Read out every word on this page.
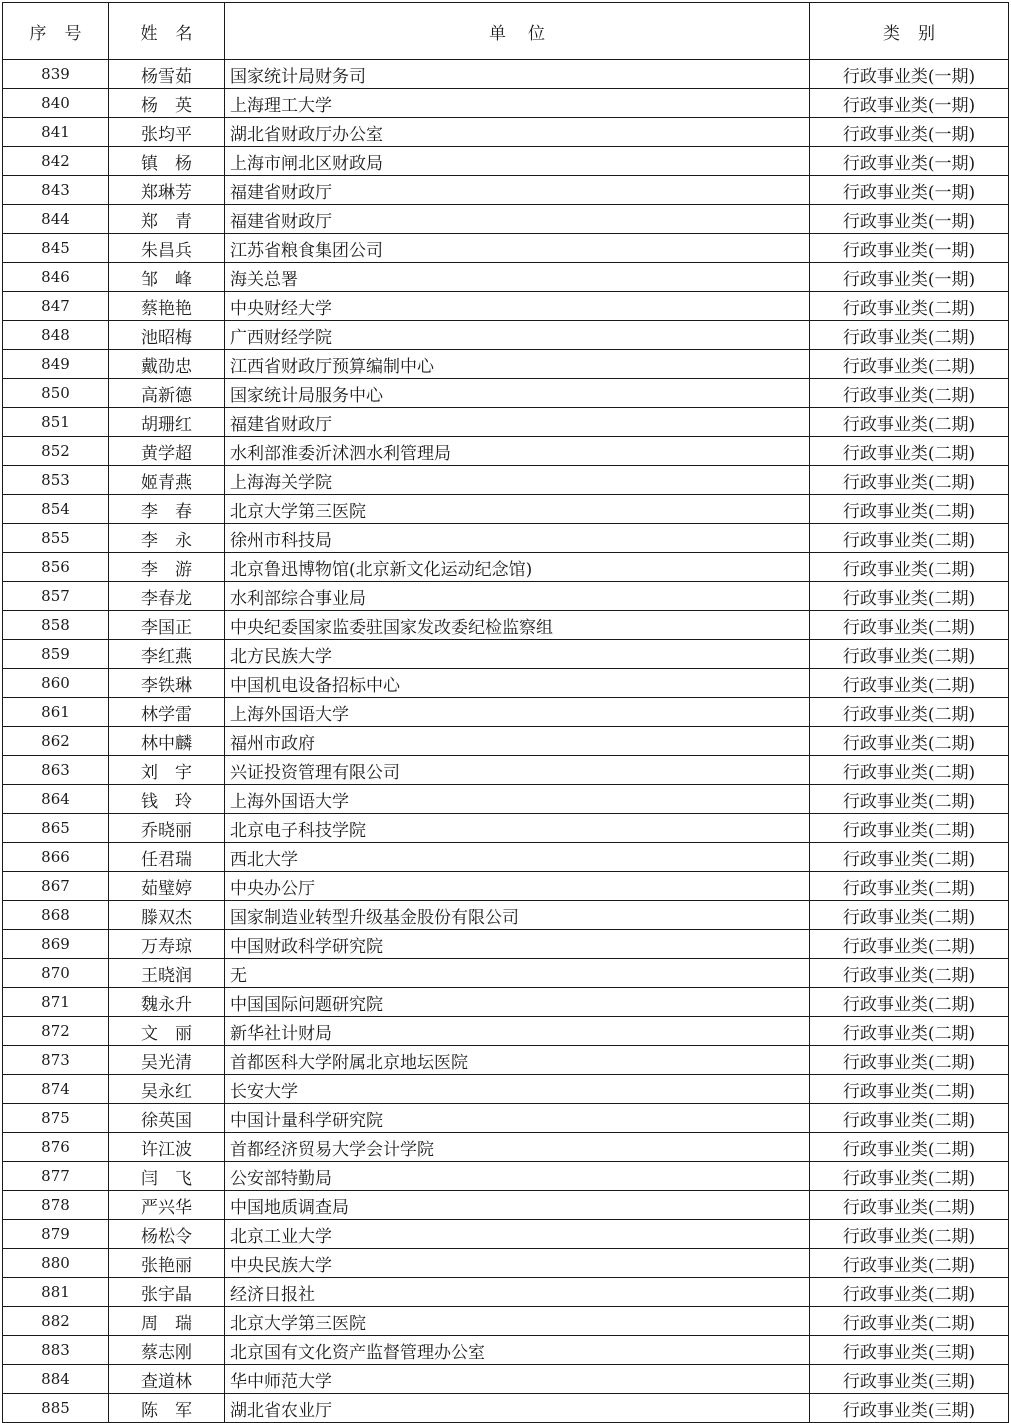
序号	姓名	单位	类别
839	杨雪茹	国家统计局财务司	行政事业类(一期)
840	杨　英	上海理工大学	行政事业类(一期)
841	张均平	湖北省财政厅办公室	行政事业类(一期)
842	镇　杨	上海市闸北区财政局	行政事业类(一期)
843	郑琳芳	福建省财政厅	行政事业类(一期)
844	郑　青	福建省财政厅	行政事业类(一期)
845	朱昌兵	江苏省粮食集团公司	行政事业类(一期)
846	邹　峰	海关总署	行政事业类(一期)
847	蔡艳艳	中央财经大学	行政事业类(二期)
848	池昭梅	广西财经学院	行政事业类(二期)
849	戴劭忠	江西省财政厅预算编制中心	行政事业类(二期)
850	高新德	国家统计局服务中心	行政事业类(二期)
851	胡珊红	福建省财政厅	行政事业类(二期)
852	黄学超	水利部淮委沂沭泗水利管理局	行政事业类(二期)
853	姬青燕	上海海关学院	行政事业类(二期)
854	李　春	北京大学第三医院	行政事业类(二期)
855	李　永	徐州市科技局	行政事业类(二期)
856	李　游	北京鲁迅博物馆(北京新文化运动纪念馆)	行政事业类(二期)
857	李春龙	水利部综合事业局	行政事业类(二期)
858	李国正	中央纪委国家监委驻国家发改委纪检监察组	行政事业类(二期)
859	李红燕	北方民族大学	行政事业类(二期)
860	李铁琳	中国机电设备招标中心	行政事业类(二期)
861	林学雷	上海外国语大学	行政事业类(二期)
862	林中麟	福州市政府	行政事业类(二期)
863	刘　宇	兴证投资管理有限公司	行政事业类(二期)
864	钱　玲	上海外国语大学	行政事业类(二期)
865	乔晓丽	北京电子科技学院	行政事业类(二期)
866	任君瑞	西北大学	行政事业类(二期)
867	茹璧婷	中央办公厅	行政事业类(二期)
868	滕双杰	国家制造业转型升级基金股份有限公司	行政事业类(二期)
869	万寿琼	中国财政科学研究院	行政事业类(二期)
870	王晓润	无	行政事业类(二期)
871	魏永升	中国国际问题研究院	行政事业类(二期)
872	文　丽	新华社计财局	行政事业类(二期)
873	吴光清	首都医科大学附属北京地坛医院	行政事业类(二期)
874	吴永红	长安大学	行政事业类(二期)
875	徐英国	中国计量科学研究院	行政事业类(二期)
876	许江波	首都经济贸易大学会计学院	行政事业类(二期)
877	闫　飞	公安部特勤局	行政事业类(二期)
878	严兴华	中国地质调查局	行政事业类(二期)
879	杨松令	北京工业大学	行政事业类(二期)
880	张艳丽	中央民族大学	行政事业类(二期)
881	张宇晶	经济日报社	行政事业类(二期)
882	周　瑞	北京大学第三医院	行政事业类(二期)
883	蔡志刚	北京国有文化资产监督管理办公室	行政事业类(三期)
884	查道林	华中师范大学	行政事业类(三期)
885	陈　军	湖北省农业厅	行政事业类(三期)
